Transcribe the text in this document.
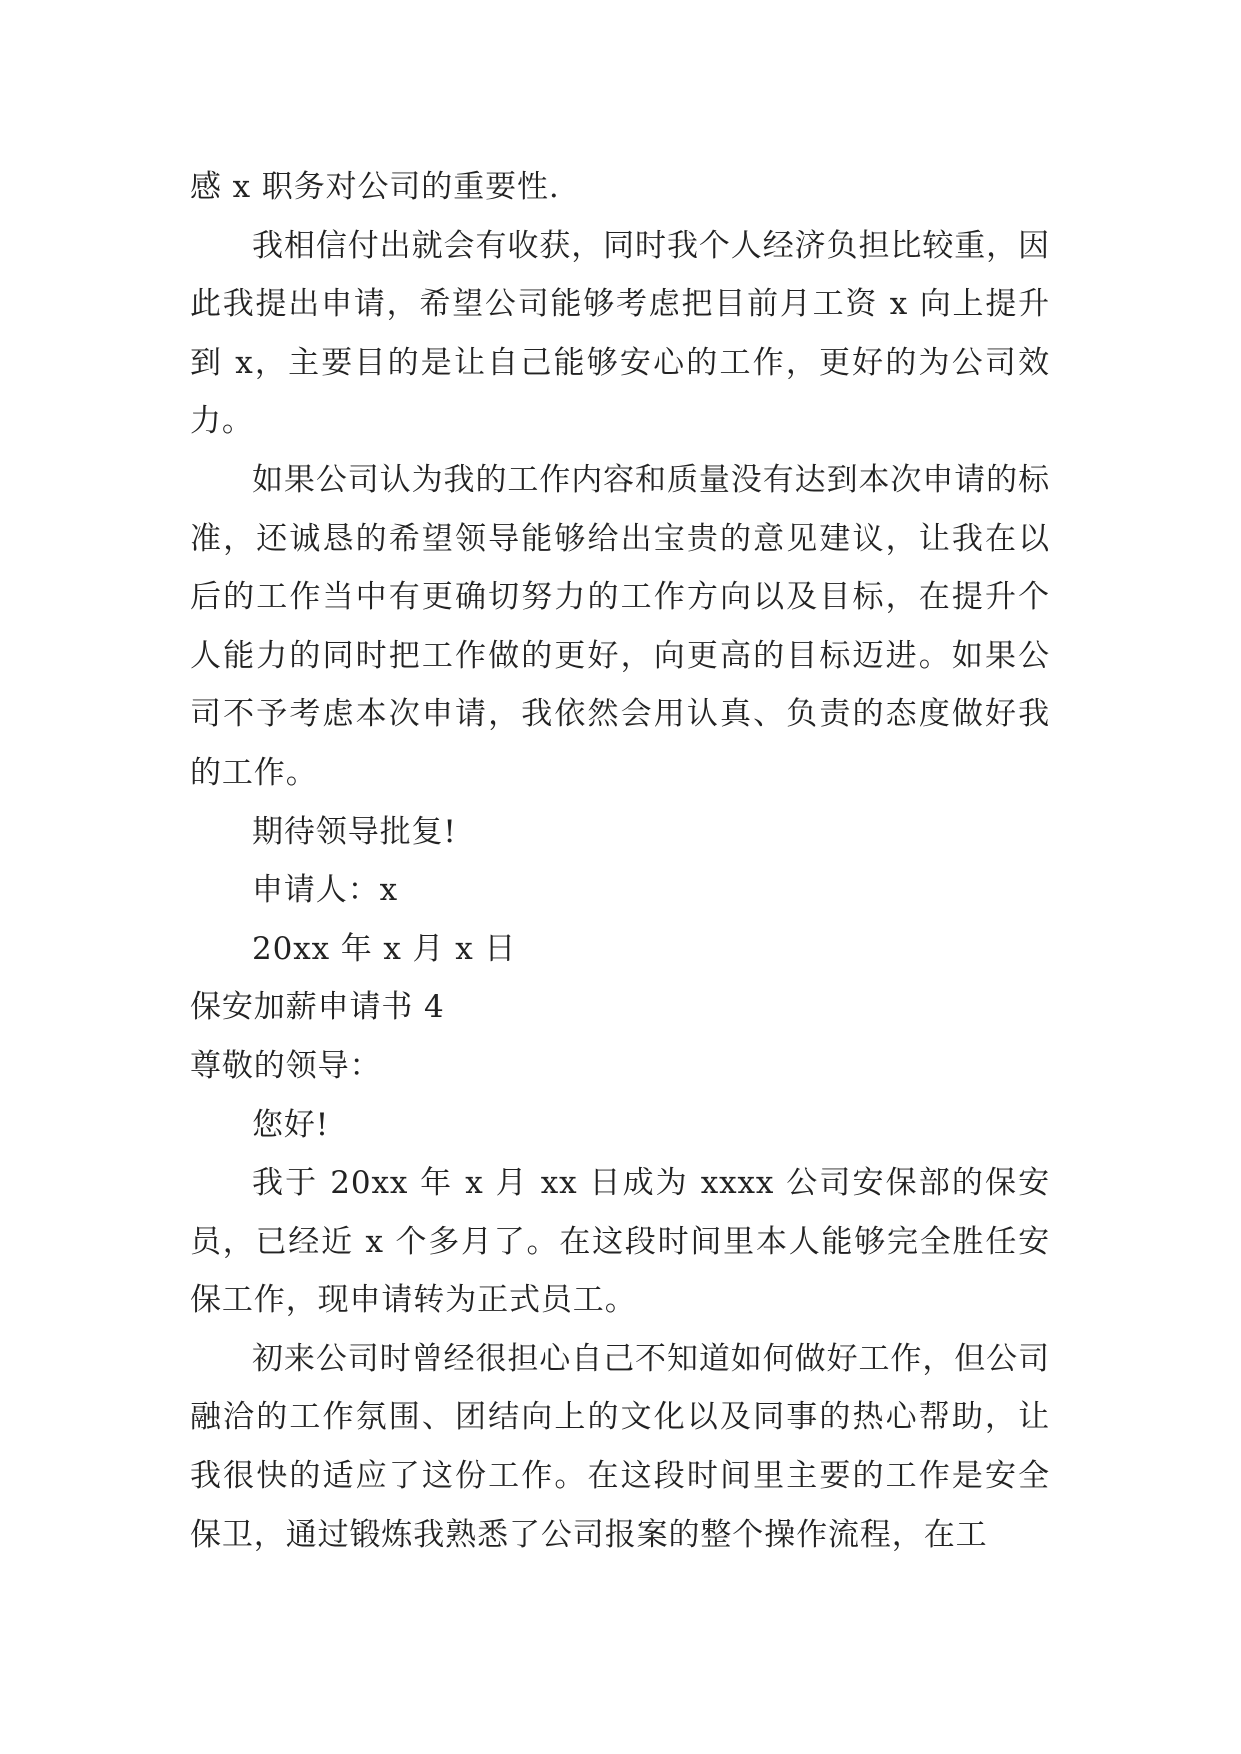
感 x 职务对公司的重要性.

我相信付出就会有收获，同时我个人经济负担比较重，因此我提出申请，希望公司能够考虑把目前月工资 x 向上提升到 x，主要目的是让自己能够安心的工作，更好的为公司效力。

如果公司认为我的工作内容和质量没有达到本次申请的标准，还诚恳的希望领导能够给出宝贵的意见建议，让我在以后的工作当中有更确切努力的工作方向以及目标，在提升个人能力的同时把工作做的更好，向更高的目标迈进。如果公司不予考虑本次申请，我依然会用认真、负责的态度做好我的工作。

期待领导批复!

申请人：x

20xx 年 x 月 x 日

保安加薪申请书 4

尊敬的领导：

您好!

我于 20xx 年 x 月 xx 日成为 xxxx 公司安保部的保安员，已经近 x 个多月了。在这段时间里本人能够完全胜任安保工作，现申请转为正式员工。

初来公司时曾经很担心自己不知道如何做好工作，但公司融洽的工作氛围、团结向上的文化以及同事的热心帮助，让我很快的适应了这份工作。在这段时间里主要的工作是安全保卫，通过锻炼我熟悉了公司报案的整个操作流程，在工
